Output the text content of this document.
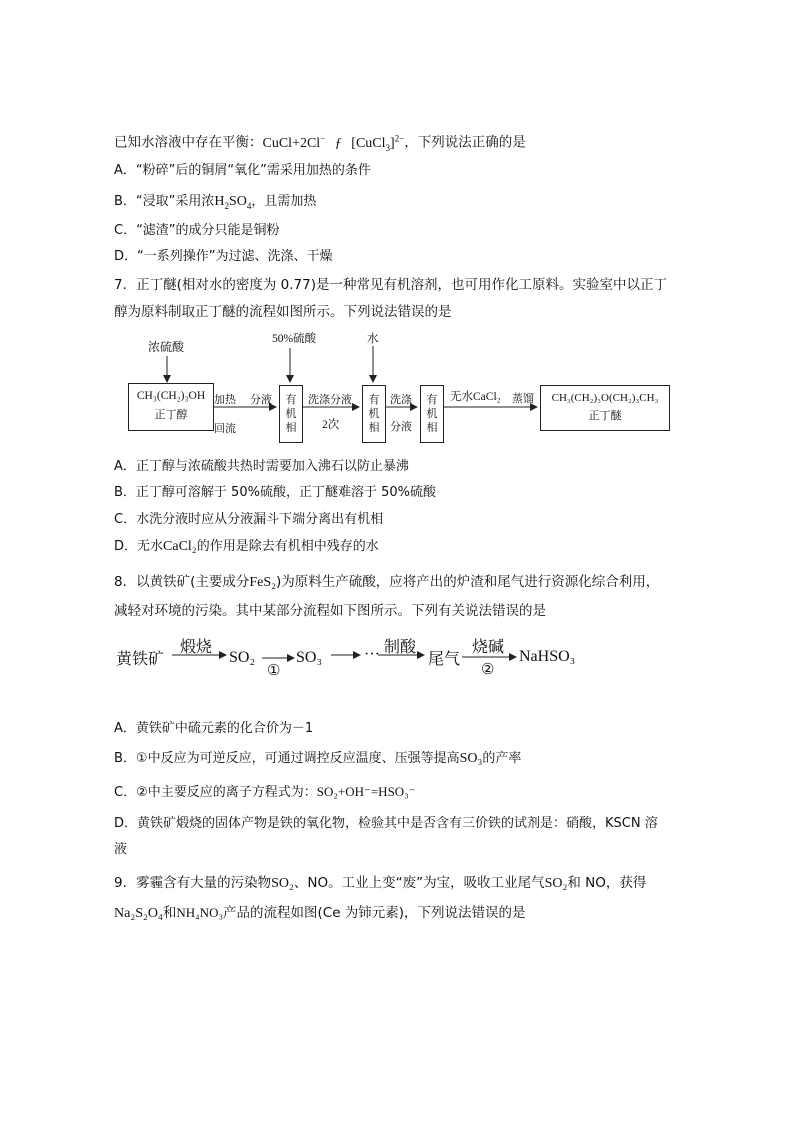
已知水溶液中存在平衡：CuCl+2Cl− ƒ [CuCl$_3$]$^{2-}$，下列说法正确的是
A．“粉碎”后的铜屑“氧化”需采用加热的条件
B．“浸取”采用浓$H_2SO_4$，且需加热
C．“滤渣”的成分只能是铜粉
D．“一系列操作”为过滤、洗涤、干燥
7．正丁醚(相对水的密度为 0.77)是一种常见有机溶剂，也可用作化工原料。实验室中以正丁
醇为原料制取正丁醚的流程如图所示。下列说法错误的是
浓硫酸
50%硫酸	水
CH₃(CH₂)₃OH
正丁醇
加热
回流
分液 有
机
相
洗涤分液
2次
有
机
相
洗涤
分液
有
机
相
无水CaCl₂ 蒸馏	CH₃(CH₂)₃O(CH₂)₃CH₃
正丁醚
A．正丁醇与浓硫酸共热时需要加入沸石以防止暴沸
B．正丁醇可溶解于 50%硫酸，正丁醚难溶于 50%硫酸
C．水洗分液时应从分液漏斗下端分离出有机相
D．无水CaCl₂的作用是除去有机相中残存的水
8．以黄铁矿(主要成分FeS₂)为原料生产硫酸，应将产出的炉渣和尾气进行资源化综合利用，
减轻对环境的污染。其中某部分流程如下图所示。下列有关说法错误的是
黄铁矿
煅烧
SO₂
①
SO₃	··· 制酸
尾气
烧碱
②
NaHSO₃
A．黄铁矿中硫元素的化合价为－1
B．①中反应为可逆反应，可通过调控反应温度、压强等提高SO₃的产率
C．②中主要反应的离子方程式为：SO₂+OH⁻=HSO₃⁻
D．黄铁矿煅烧的固体产物是铁的氧化物，检验其中是否含有三价铁的试剂是：硝酸，KSCN 溶
液
9．雾霾含有大量的污染物SO₂、NO。工业上变“废”为宝，吸收工业尾气SO₂和 NO，获得
Na₂S₂O₄和NH₄NO₃产品的流程如图(Ce 为铈元素)，下列说法错误的是
